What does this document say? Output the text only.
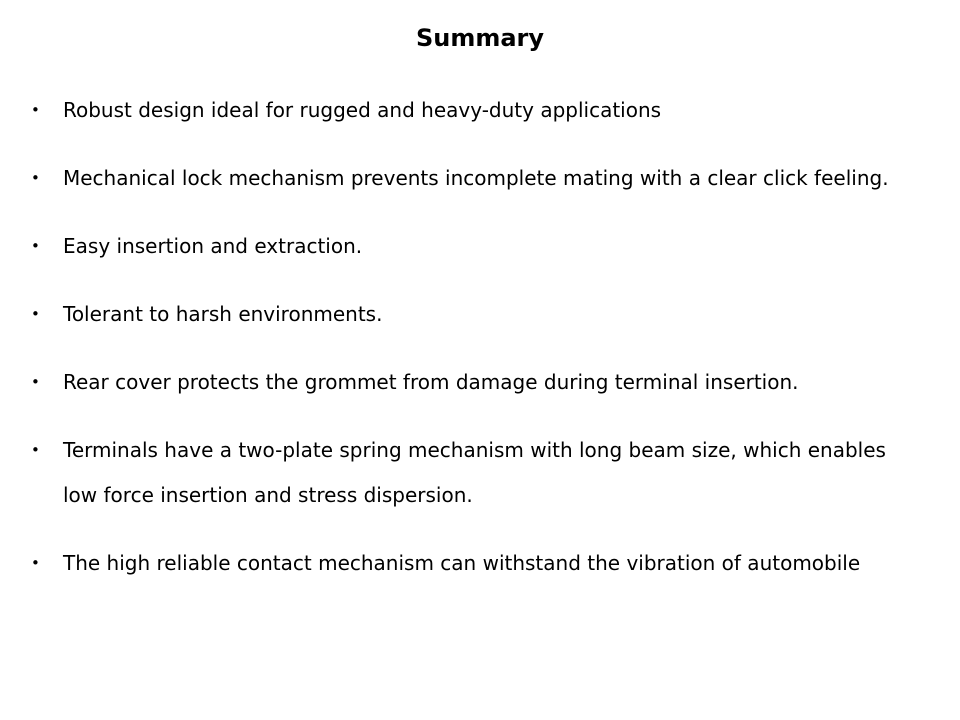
Summary
• Robust design ideal for rugged and heavy-duty applications
• Mechanical lock mechanism prevents incomplete mating with a clear click feeling.
• Easy insertion and extraction.
• Tolerant to harsh environments.
• Rear cover protects the grommet from damage during terminal insertion.
• Terminals have a two-plate spring mechanism with long beam size, which enables low force insertion and stress dispersion.
• The high reliable contact mechanism can withstand the vibration of automobile
